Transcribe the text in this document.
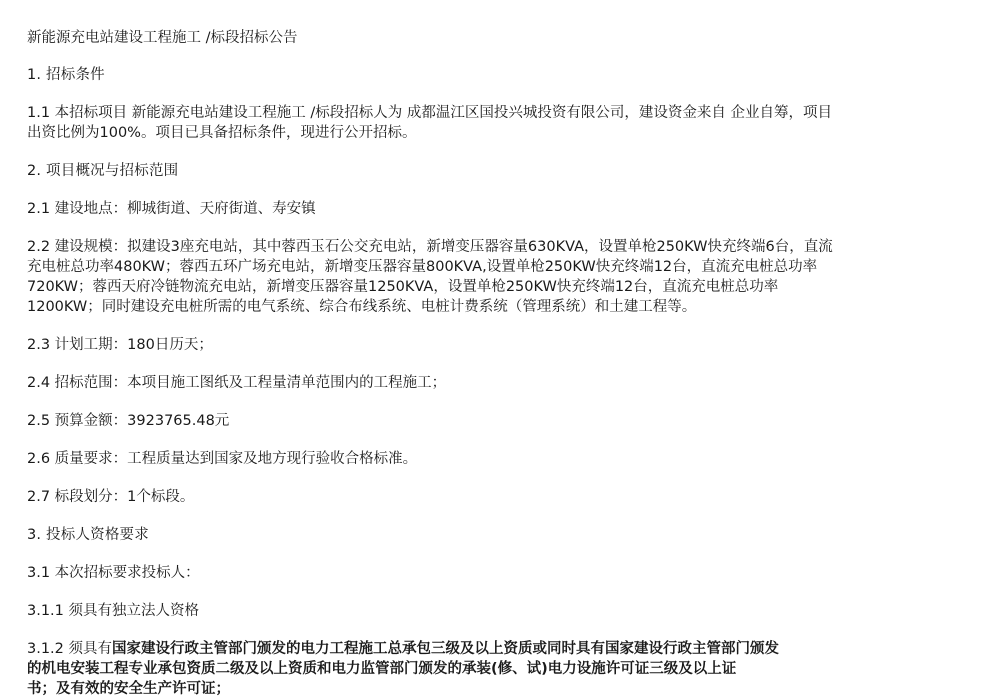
新能源充电站建设工程施工 /标段招标公告

1. 招标条件

1.1 本招标项目 新能源充电站建设工程施工 /标段招标人为 成都温江区国投兴城投资有限公司，建设资金来自 企业自筹，项目

出资比例为100%。项目已具备招标条件，现进行公开招标。

2. 项目概况与招标范围

2.1 建设地点：柳城街道、天府街道、寿安镇

2.2 建设规模：拟建设3座充电站，其中蓉西玉石公交充电站，新增变压器容量630KVA，设置单枪250KW快充终端6台，直流

充电桩总功率480KW；蓉西五环广场充电站，新增变压器容量800KVA,设置单枪250KW快充终端12台，直流充电桩总功率

720KW；蓉西天府冷链物流充电站，新增变压器容量1250KVA，设置单枪250KW快充终端12台，直流充电桩总功率

1200KW；同时建设充电桩所需的电气系统、综合布线系统、电桩计费系统（管理系统）和土建工程等。

2.3 计划工期：180日历天；

2.4 招标范围：本项目施工图纸及工程量清单范围内的工程施工；

2.5 预算金额：3923765.48元

2.6 质量要求：工程质量达到国家及地方现行验收合格标准。

2.7 标段划分：1个标段。

3. 投标人资格要求

3.1 本次招标要求投标人：

3.1.1 须具有独立法人资格

3.1.2 须具有国家建设行政主管部门颁发的电力工程施工总承包三级及以上资质或同时具有国家建设行政主管部门颁发

的机电安装工程专业承包资质二级及以上资质和电力监管部门颁发的承装(修、试)电力设施许可证三级及以上证

书；及有效的安全生产许可证；
